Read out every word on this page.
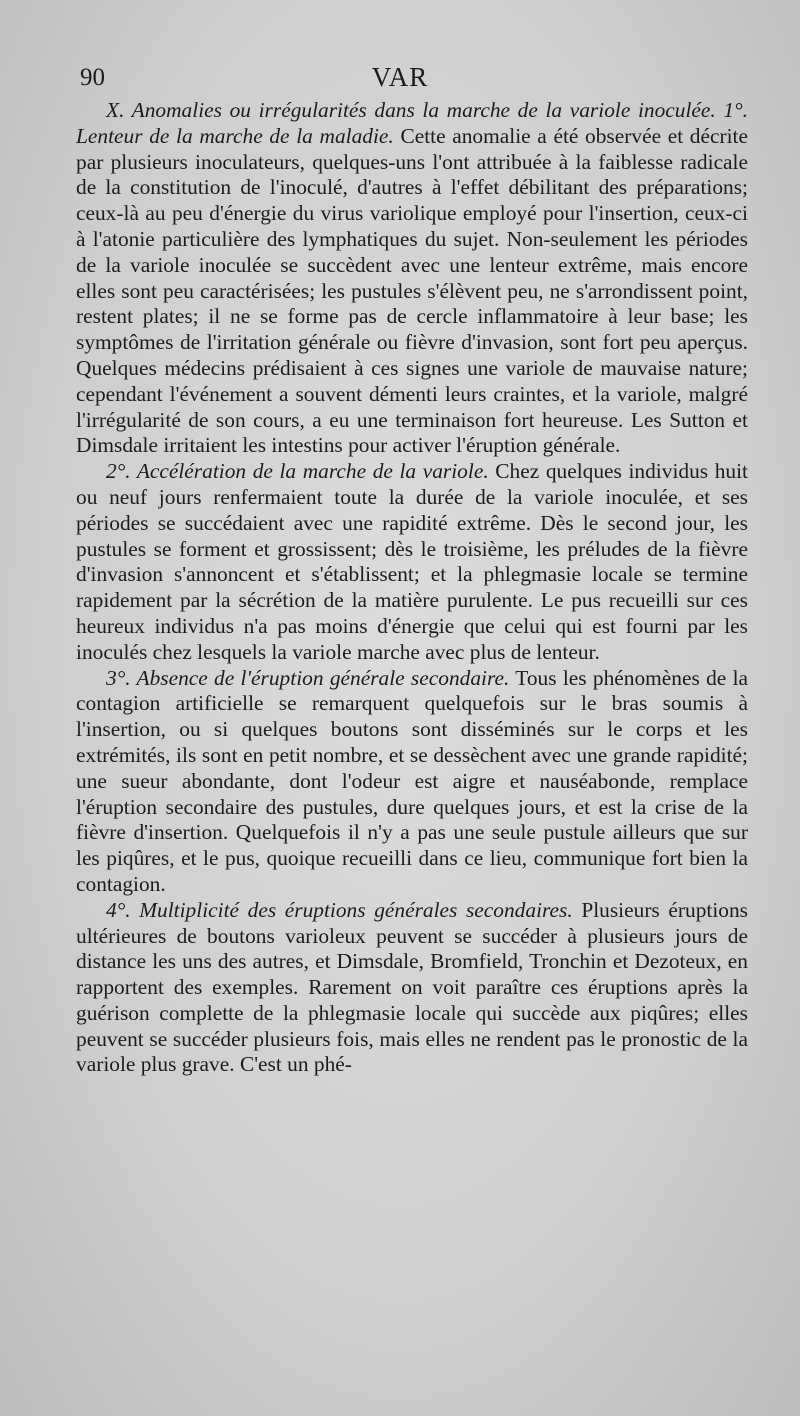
90	VAR

X. Anomalies ou irrégularités dans la marche de la variole inoculée. 1°. Lenteur de la marche de la maladie. Cette anomalie a été observée et décrite par plusieurs inoculateurs, quelques-uns l'ont attribuée à la faiblesse radicale de la constitution de l'inoculé, d'autres à l'effet débilitant des préparations; ceux-là au peu d'énergie du virus variolique employé pour l'insertion, ceux-ci à l'atonie particulière des lymphatiques du sujet. Non-seulement les périodes de la variole inoculée se succèdent avec une lenteur extrême, mais encore elles sont peu caractérisées; les pustules s'élèvent peu, ne s'arrondissent point, restent plates; il ne se forme pas de cercle inflammatoire à leur base; les symptômes de l'irritation générale ou fièvre d'invasion, sont fort peu aperçus. Quelques médecins prédisaient à ces signes une variole de mauvaise nature; cependant l'événement a souvent démenti leurs craintes, et la variole, malgré l'irrégularité de son cours, a eu une terminaison fort heureuse. Les Sutton et Dimsdale irritaient les intestins pour activer l'éruption générale.

2°. Accélération de la marche de la variole. Chez quelques individus huit ou neuf jours renfermaient toute la durée de la variole inoculée, et ses périodes se succédaient avec une rapidité extrême. Dès le second jour, les pustules se forment et grossissent; dès le troisième, les préludes de la fièvre d'invasion s'annoncent et s'établissent; et la phlegmasie locale se termine rapidement par la sécrétion de la matière purulente. Le pus recueilli sur ces heureux individus n'a pas moins d'énergie que celui qui est fourni par les inoculés chez lesquels la variole marche avec plus de lenteur.

3°. Absence de l'éruption générale secondaire. Tous les phénomènes de la contagion artificielle se remarquent quelquefois sur le bras soumis à l'insertion, ou si quelques boutons sont disséminés sur le corps et les extrémités, ils sont en petit nombre, et se dessèchent avec une grande rapidité; une sueur abondante, dont l'odeur est aigre et nauséabonde, remplace l'éruption secondaire des pustules, dure quelques jours, et est la crise de la fièvre d'insertion. Quelquefois il n'y a pas une seule pustule ailleurs que sur les piqûres, et le pus, quoique recueilli dans ce lieu, communique fort bien la contagion.

4°. Multiplicité des éruptions générales secondaires. Plusieurs éruptions ultérieures de boutons varioleux peuvent se succéder à plusieurs jours de distance les uns des autres, et Dimsdale, Bromfield, Tronchin et Dezoteux, en rapportent des exemples. Rarement on voit paraître ces éruptions après la guérison complette de la phlegmasie locale qui succède aux piqûres; elles peuvent se succéder plusieurs fois, mais elles ne rendent pas le pronostic de la variole plus grave. C'est un phé-
